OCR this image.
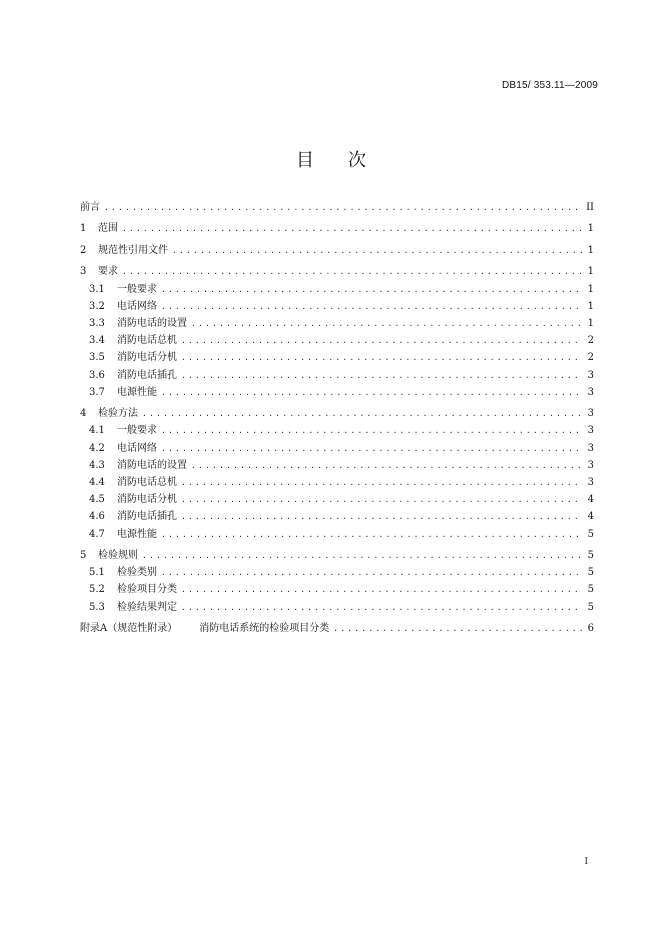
DB15/ 353.11—2009
目 次
前言 .....	II
1	范围 .....	1
2	规范性引用文件 .....	1
3	要求 .....	1
3.1	一般要求 .....	1
3.2	电话网络 .....	1
3.3	消防电话的设置 .....	1
3.4	消防电话总机 .....	2
3.5	消防电话分机 .....	2
3.6	消防电话插孔 .....	3
3.7	电源性能 .....	3
4	检验方法 .....	3
4.1	一般要求 .....	3
4.2	电话网络 .....	3
4.3	消防电话的设置 .....	3
4.4	消防电话总机 .....	3
4.5	消防电话分机 .....	4
4.6	消防电话插孔 .....	4
4.7	电源性能 .....	5
5	检验规则 .....	5
5.1	检验类别 .....	5
5.2	检验项目分类 .....	5
5.3	检验结果判定 .....	5
附录A（规范性附录） 消防电话系统的检验项目分类 .....	6
I
